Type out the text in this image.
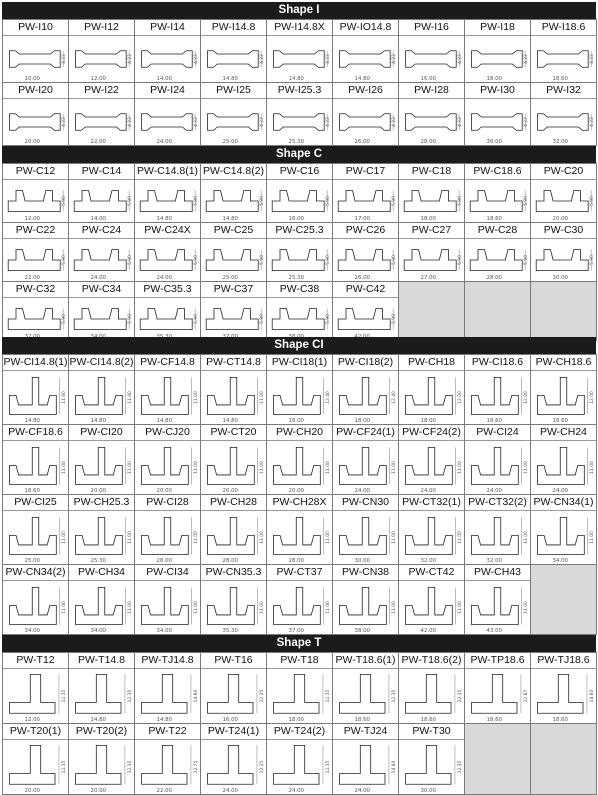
Shape I
PW-I10
10.00
4.22
PW-I12
12.00
4.22
PW-I14
14.00
4.22
PW-I14.8
14.80
4.22
PW-I14.8X
14.80
4.22
PW-IO14.8
14.80
4.22
PW-I16
16.00
4.22
PW-I18
18.00
4.22
PW-I18.6
18.60
4.22
PW-I20
20.00
4.22
PW-I22
22.00
4.22
PW-I24
24.00
4.22
PW-I25
25.00
4.22
PW-I25.3
25.30
4.22
PW-I26
26.00
4.22
PW-I28
28.00
4.22
PW-I30
30.00
4.22
PW-I32
32.00
4.22
Shape C
PW-C12
12.00
5.90
PW-C14
14.00
5.90
PW-C14.8(1)
14.80
5.90
PW-C14.8(2)
14.80
5.90
PW-C16
16.00
5.90
PW-C17
17.00
5.90
PW-C18
18.00
5.90
PW-C18.6
18.60
5.90
PW-C20
20.00
5.90
PW-C22
22.00
5.90
PW-C24
24.00
5.90
PW-C24X
24.00
5.90
PW-C25
25.00
5.90
PW-C25.3
25.30
5.90
PW-C26
26.00
5.90
PW-C27
27.00
5.90
PW-C28
28.00
5.90
PW-C30
30.00
5.90
PW-C32
5.90
PW-C34
5.90
PW-C35.3
5.90
PW-C37
5.90
PW-C38
5.90
PW-C42
5.90
Shape CI
PW-CI14.8(1)
14.80
11.80
PW-CI14.8(2)
14.80
11.80
PW-CF14.8
14.80
11.00
PW-CT14.8
14.80
11.00
PW-CI18(1)
18.00
12.40
PW-CI18(2)
18.00
12.40
PW-CH18
18.00
12.00
PW-CI18.6
18.60
12.00
PW-CH18.6
18.60
12.00
PW-CF18.6
18.60
11.00
PW-CI20
20.00
11.00
PW-CJ20
20.00
11.00
PW-CT20
20.00
11.00
PW-CH20
20.00
11.00
PW-CF24(1)
24.00
11.00
PW-CF24(2)
24.00
11.00
PW-CI24
24.00
11.00
PW-CH24
24.00
11.00
PW-CI25
25.00
11.00
PW-CH25.3
25.30
11.00
PW-CI28
28.00
11.00
PW-CH28
28.00
11.00
PW-CH28X
28.00
11.00
PW-CN30
30.00
11.00
PW-CT32(1)
32.00
11.00
PW-CT32(2)
32.00
11.00
PW-CN34(1)
34.00
11.00
PW-CN34(2)
34.00
11.00
PW-CH34
34.00
11.00
PW-CI34
34.00
11.00
PW-CN35.3
35.30
11.00
PW-CT37
37.00
11.00
PW-CN38
38.00
11.00
PW-CT42
42.00
11.00
PW-CH43
43.00
11.00
Shape T
PW-T12
12.00
12.35
PW-T14.8
14.80
12.35
PW-TJ14.8
14.80
14.80
PW-T16
16.00
12.35
PW-T18
18.00
12.35
PW-T18.6(1)
18.60
12.35
PW-T18.6(2)
18.60
12.35
PW-TP18.6
18.60
12.87
PW-TJ18.6
18.60
14.80
PW-T20(1)
20.00
12.35
PW-T20(2)
20.00
12.35
PW-T22
22.00
12.75
PW-T24(1)
24.00
12.35
PW-T24(2)
24.00
12.35
PW-TJ24
24.00
14.80
PW-T30
30.00
12.35
